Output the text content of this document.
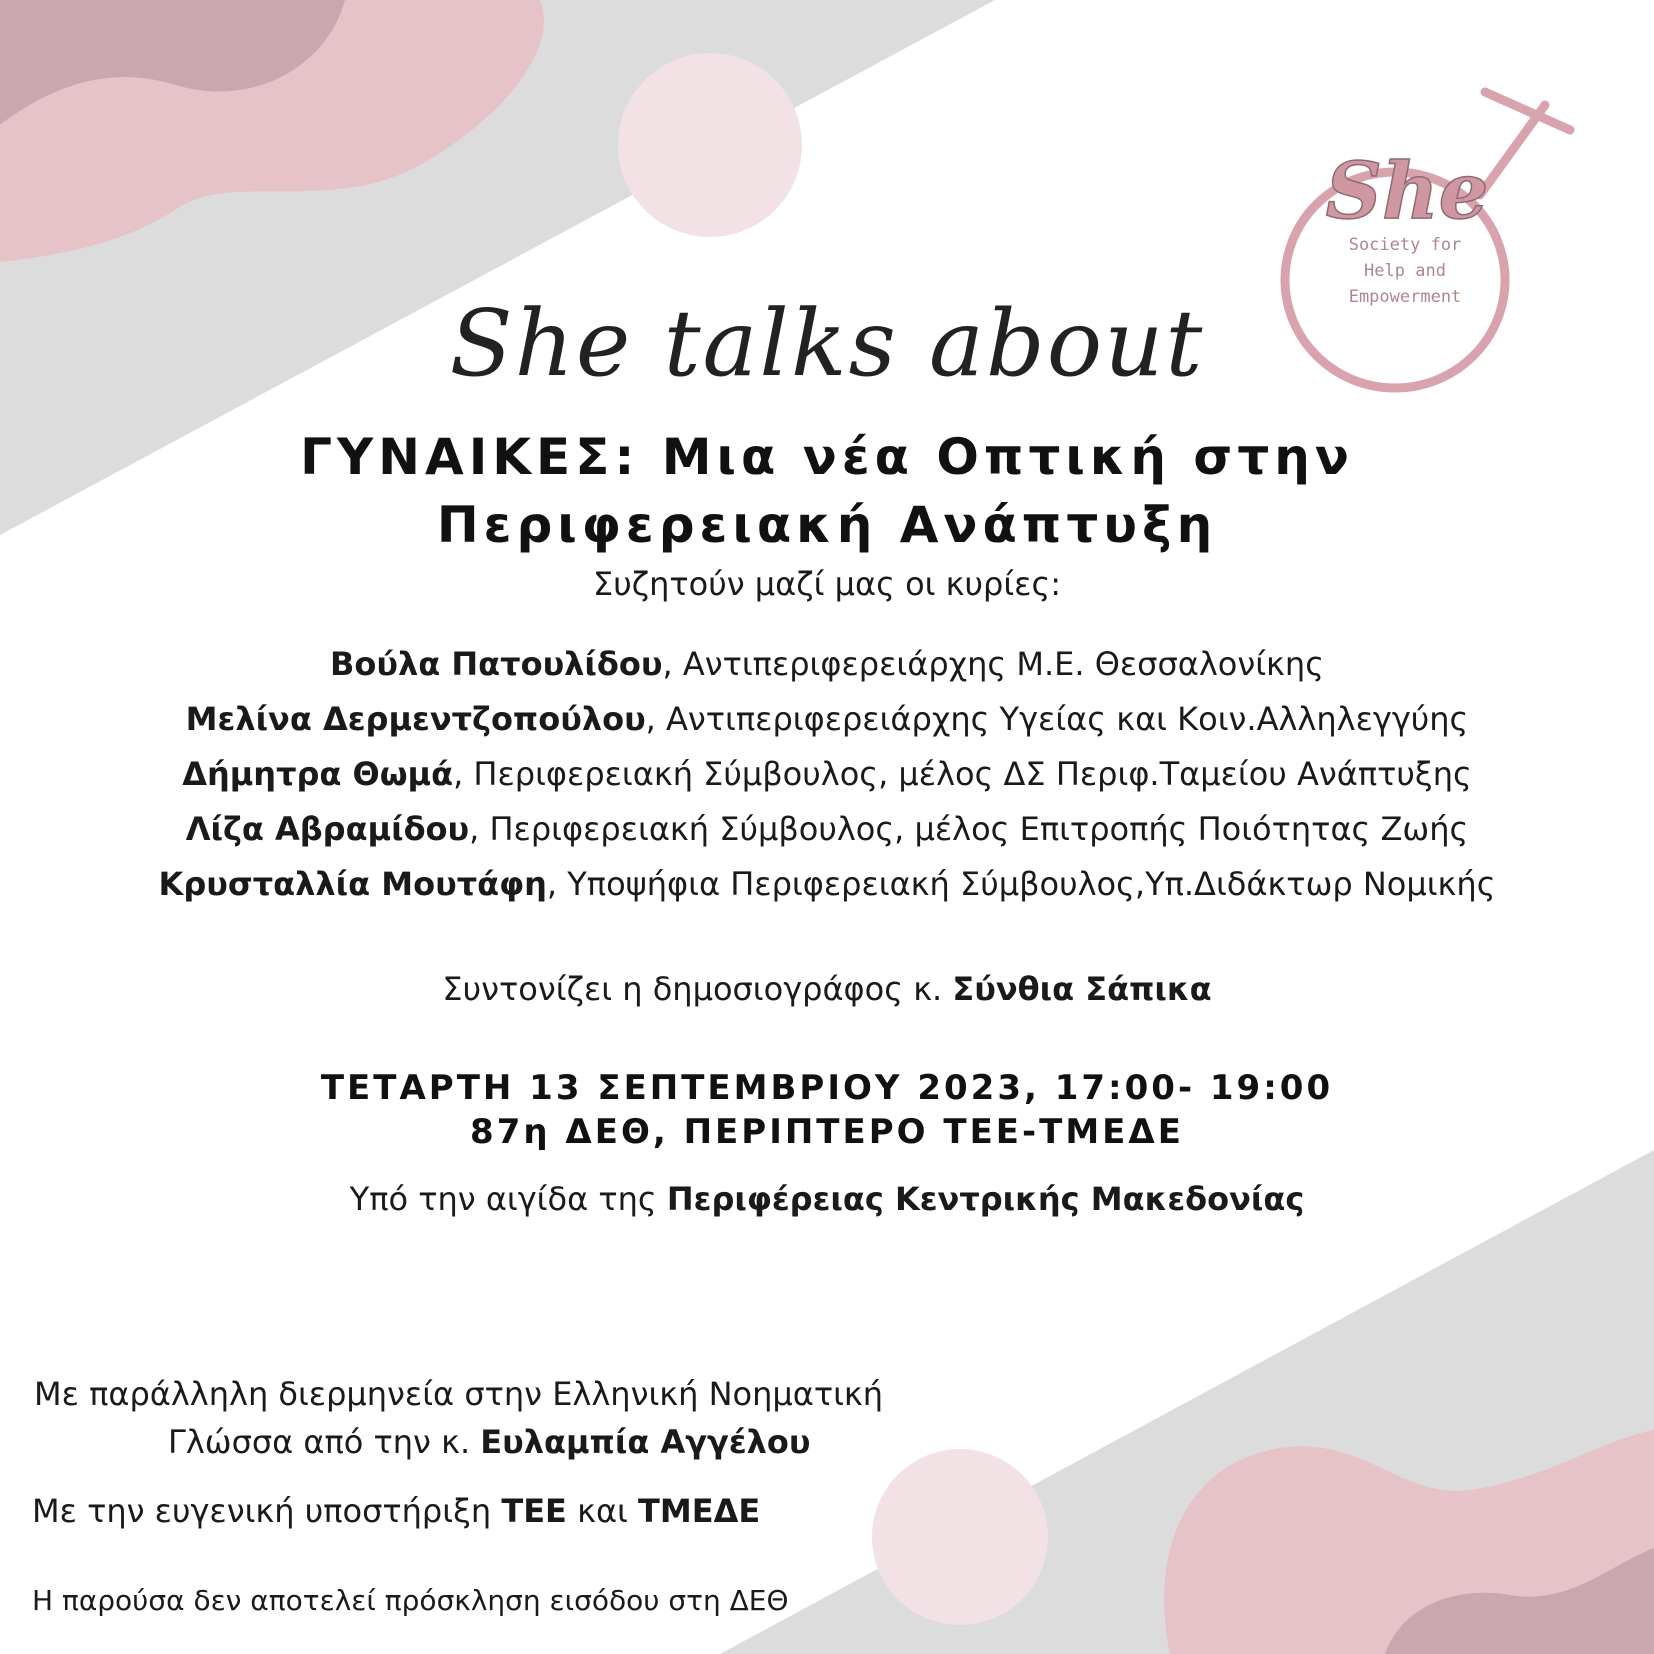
She
Society for
Help and
Empowerment

She talks about

ΓΥΝΑΙΚΕΣ: Μια νέα Οπτική στην

Περιφερειακή Ανάπτυξη

Συζητούν μαζί μας οι κυρίες:

Βούλα Πατουλίδου, Αντιπεριφερειάρχης Μ.Ε. Θεσσαλονίκης

Μελίνα Δερμεντζοπούλου, Αντιπεριφερειάρχης Υγείας και Κοιν.Αλληλεγγύης

Δήμητρα Θωμά, Περιφερειακή Σύμβουλος, μέλος ΔΣ Περιφ.Ταμείου Ανάπτυξης

Λίζα Αβραμίδου, Περιφερειακή Σύμβουλος, μέλος Επιτροπής Ποιότητας Ζωής

Κρυσταλλία Μουτάφη, Υποψήφια Περιφερειακή Σύμβουλος,Υπ.Διδάκτωρ Νομικής

Συντονίζει η δημοσιογράφος κ. Σύνθια Σάπικα

ΤΕΤΑΡΤΗ 13 ΣΕΠΤΕΜΒΡΙΟΥ 2023, 17:00- 19:00

87η ΔΕΘ, ΠΕΡΙΠΤΕΡΟ ΤΕΕ-ΤΜΕΔΕ

Υπό την αιγίδα της Περιφέρειας Κεντρικής Μακεδονίας

Με παράλληλη διερμηνεία στην Ελληνική Νοηματική

Γλώσσα από την κ. Ευλαμπία Αγγέλου

Με την ευγενική υποστήριξη ΤΕΕ και ΤΜΕΔΕ

Η παρούσα δεν αποτελεί πρόσκληση εισόδου στη ΔΕΘ
